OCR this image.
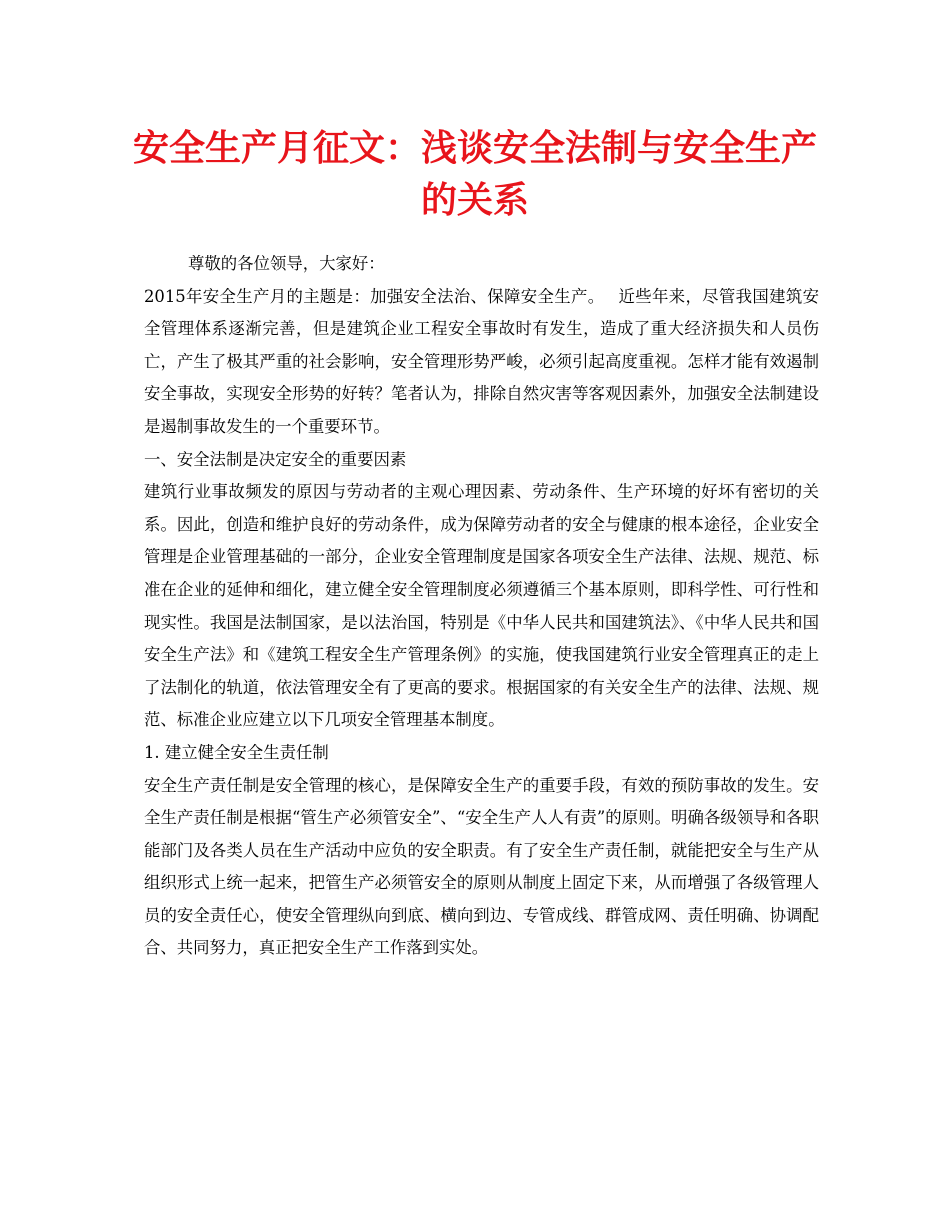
安全生产月征文：浅谈安全法制与安全生产
的关系

尊敬的各位领导，大家好：

2015年安全生产月的主题是：加强安全法治、保障安全生产。　 近些年来，尽管我国建筑安全管理体系逐渐完善，但是建筑企业工程安全事故时有发生，造成了重大经济损失和人员伤亡，产生了极其严重的社会影响，安全管理形势严峻，必须引起高度重视。怎样才能有效遏制安全事故，实现安全形势的好转？笔者认为，排除自然灾害等客观因素外，加强安全法制建设是遏制事故发生的一个重要环节。

一、安全法制是决定安全的重要因素

建筑行业事故频发的原因与劳动者的主观心理因素、劳动条件、生产环境的好坏有密切的关系。因此，创造和维护良好的劳动条件，成为保障劳动者的安全与健康的根本途径，企业安全管理是企业管理基础的一部分，企业安全管理制度是国家各项安全生产法律、法规、规范、标准在企业的延伸和细化，建立健全安全管理制度必须遵循三个基本原则，即科学性、可行性和现实性。我国是法制国家，是以法治国，特别是《中华人民共和国建筑法》、《中华人民共和国安全生产法》和《建筑工程安全生产管理条例》的实施，使我国建筑行业安全管理真正的走上了法制化的轨道，依法管理安全有了更高的要求。根据国家的有关安全生产的法律、法规、规范、标准企业应建立以下几项安全管理基本制度。

1. 建立健全安全生责任制

安全生产责任制是安全管理的核心，是保障安全生产的重要手段，有效的预防事故的发生。安全生产责任制是根据“管生产必须管安全”、“安全生产人人有责”的原则。明确各级领导和各职能部门及各类人员在生产活动中应负的安全职责。有了安全生产责任制，就能把安全与生产从组织形式上统一起来，把管生产必须管安全的原则从制度上固定下来，从而增强了各级管理人员的安全责任心，使安全管理纵向到底、横向到边、专管成线、群管成网、责任明确、协调配合、共同努力，真正把安全生产工作落到实处。
